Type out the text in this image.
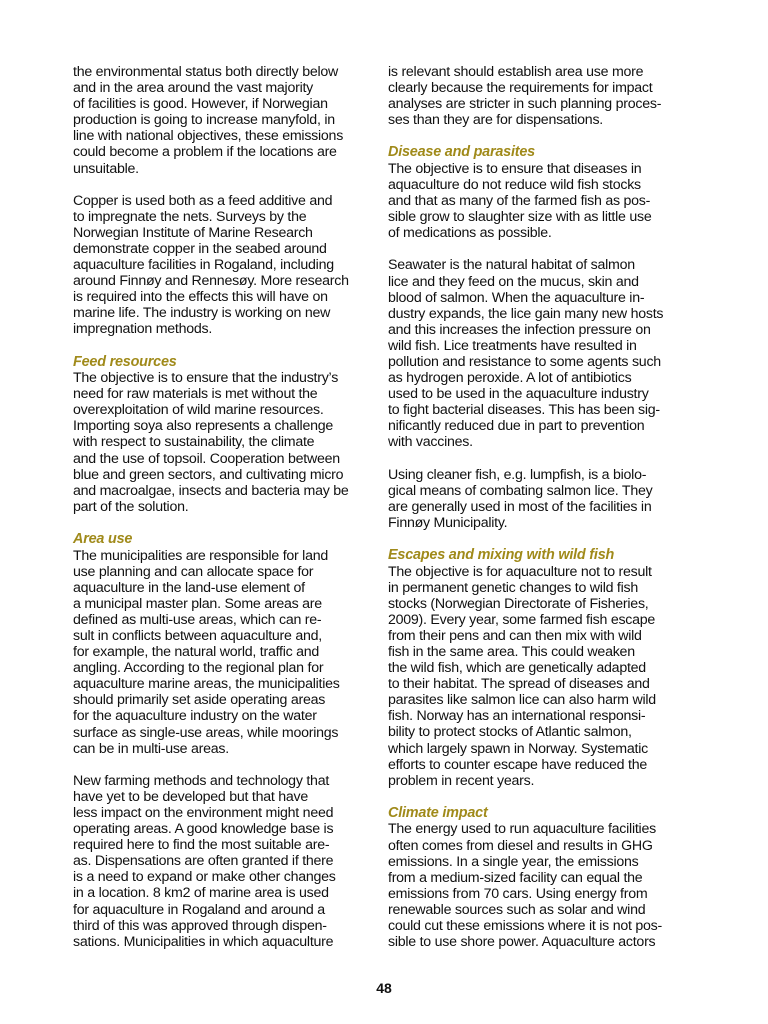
the environmental status both directly below
and in the area around the vast majority
of facilities is good. However, if Norwegian
production is going to increase manyfold, in
line with national objectives, these emissions
could become a problem if the locations are
unsuitable.
Copper is used both as a feed additive and
to impregnate the nets. Surveys by the
Norwegian Institute of Marine Research
demonstrate copper in the seabed around
aquaculture facilities in Rogaland, including
around Finnøy and Rennesøy. More research
is required into the effects this will have on
marine life. The industry is working on new
impregnation methods.
Feed resources
The objective is to ensure that the industry’s
need for raw materials is met without the
overexploitation of wild marine resources.
Importing soya also represents a challenge
with respect to sustainability, the climate
and the use of topsoil. Cooperation between
blue and green sectors, and cultivating micro
and macroalgae, insects and bacteria may be
part of the solution.
Area use
The municipalities are responsible for land
use planning and can allocate space for
aquaculture in the land-use element of
a municipal master plan. Some areas are
defined as multi-use areas, which can re-
sult in conflicts between aquaculture and,
for example, the natural world, traffic and
angling. According to the regional plan for
aquaculture marine areas, the municipalities
should primarily set aside operating areas
for the aquaculture industry on the water
surface as single-use areas, while moorings
can be in multi-use areas.
New farming methods and technology that
have yet to be developed but that have
less impact on the environment might need
operating areas. A good knowledge base is
required here to find the most suitable are-
as. Dispensations are often granted if there
is a need to expand or make other changes
in a location. 8 km2 of marine area is used
for aquaculture in Rogaland and around a
third of this was approved through dispen-
sations. Municipalities in which aquaculture
is relevant should establish area use more
clearly because the requirements for impact
analyses are stricter in such planning proces-
ses than they are for dispensations.
Disease and parasites
The objective is to ensure that diseases in
aquaculture do not reduce wild fish stocks
and that as many of the farmed fish as pos-
sible grow to slaughter size with as little use
of medications as possible.
Seawater is the natural habitat of salmon
lice and they feed on the mucus, skin and
blood of salmon. When the aquaculture in-
dustry expands, the lice gain many new hosts
and this increases the infection pressure on
wild fish. Lice treatments have resulted in
pollution and resistance to some agents such
as hydrogen peroxide. A lot of antibiotics
used to be used in the aquaculture industry
to fight bacterial diseases. This has been sig-
nificantly reduced due in part to prevention
with vaccines.
Using cleaner fish, e.g. lumpfish, is a biolo-
gical means of combating salmon lice. They
are generally used in most of the facilities in
Finnøy Municipality.
Escapes and mixing with wild fish
The objective is for aquaculture not to result
in permanent genetic changes to wild fish
stocks (Norwegian Directorate of Fisheries,
2009). Every year, some farmed fish escape
from their pens and can then mix with wild
fish in the same area. This could weaken
the wild fish, which are genetically adapted
to their habitat. The spread of diseases and
parasites like salmon lice can also harm wild
fish. Norway has an international responsi-
bility to protect stocks of Atlantic salmon,
which largely spawn in Norway. Systematic
efforts to counter escape have reduced the
problem in recent years.
Climate impact
The energy used to run aquaculture facilities
often comes from diesel and results in GHG
emissions. In a single year, the emissions
from a medium-sized facility can equal the
emissions from 70 cars. Using energy from
renewable sources such as solar and wind
could cut these emissions where it is not pos-
sible to use shore power. Aquaculture actors
48
